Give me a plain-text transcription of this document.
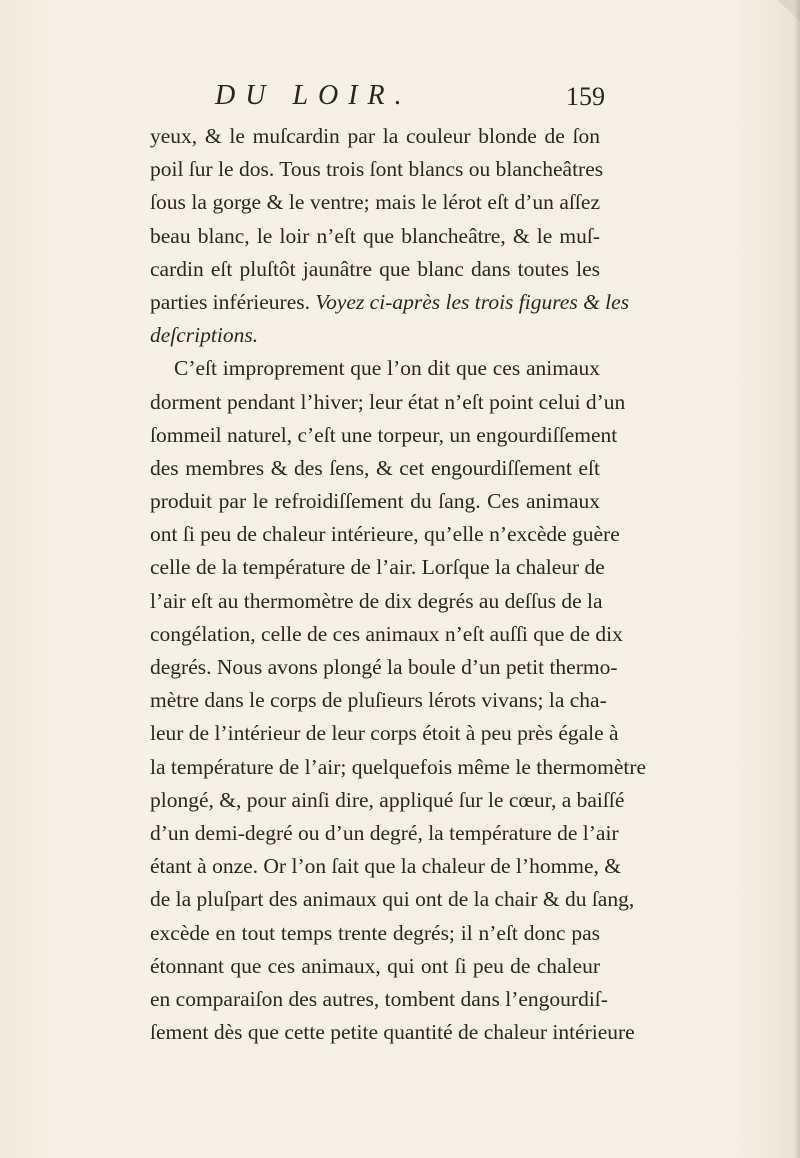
DU LOIR.	159
yeux, & le muſcardin par la couleur blonde de ſon
poil ſur le dos. Tous trois ſont blancs ou blancheâtres
ſous la gorge & le ventre; mais le lérot eſt d’un aſſez
beau blanc, le loir n’eſt que blancheâtre, & le muſ-
cardin eſt pluſtôt jaunâtre que blanc dans toutes les
parties inférieures. Voyez ci-après les trois figures & les
deſcriptions.
C’eſt improprement que l’on dit que ces animaux
dorment pendant l’hiver; leur état n’eſt point celui d’un
ſommeil naturel, c’eſt une torpeur, un engourdiſſement
des membres & des ſens, & cet engourdiſſement eſt
produit par le refroidiſſement du ſang. Ces animaux
ont ſi peu de chaleur intérieure, qu’elle n’excède guère
celle de la température de l’air. Lorſque la chaleur de
l’air eſt au thermomètre de dix degrés au deſſus de la
congélation, celle de ces animaux n’eſt auſſi que de dix
degrés. Nous avons plongé la boule d’un petit thermo-
mètre dans le corps de pluſieurs lérots vivans; la cha-
leur de l’intérieur de leur corps étoit à peu près égale à
la température de l’air; quelquefois même le thermomètre
plongé, &, pour ainſi dire, appliqué ſur le cœur, a baiſſé
d’un demi-degré ou d’un degré, la température de l’air
étant à onze. Or l’on ſait que la chaleur de l’homme, &
de la pluſpart des animaux qui ont de la chair & du ſang,
excède en tout temps trente degrés; il n’eſt donc pas
étonnant que ces animaux, qui ont ſi peu de chaleur
en comparaiſon des autres, tombent dans l’engourdiſ-
ſement dès que cette petite quantité de chaleur intérieure
